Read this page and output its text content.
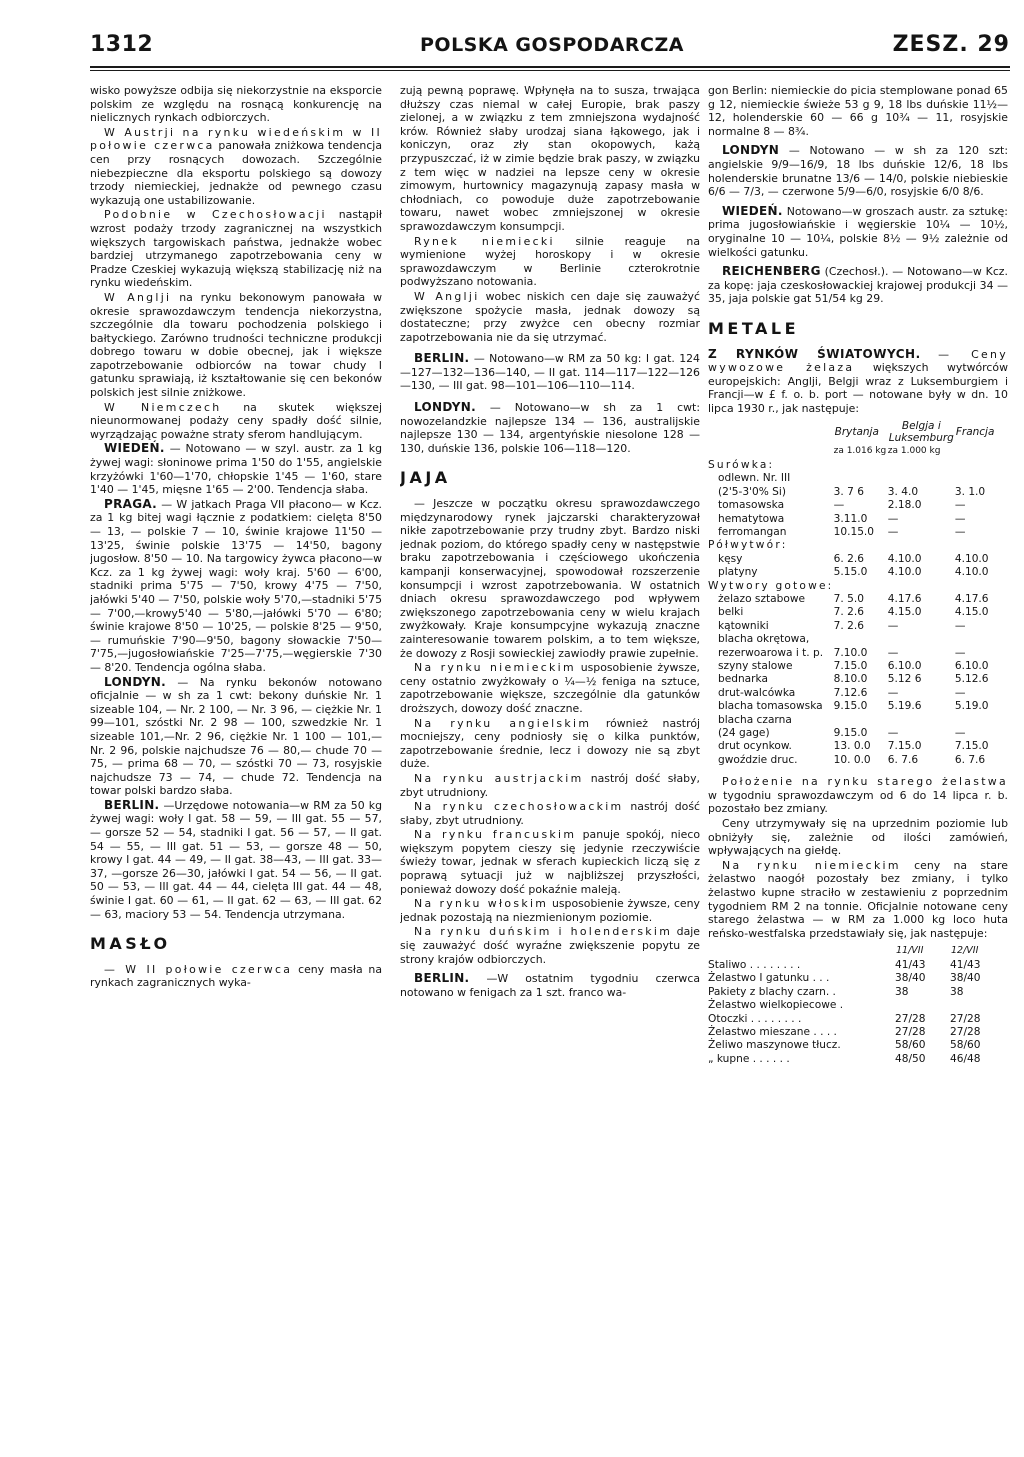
1312	POLSKA GOSPODARCZA	ZESZ. 29

wisko powyższe odbija się niekorzystnie na eksporcie polskim ze względu na rosnącą konkurencję na nielicznych rynkach odbiorczych.

W Austrji na rynku wiedeńskim w II połowie czerwca panowała zniżkowa tendencja cen przy rosnących dowozach. Szczególnie niebezpieczne dla eksportu polskiego są dowozy trzody niemieckiej, jednakże od pewnego czasu wykazują one ustabilizowanie.

Podobnie w Czechosłowacji nastąpił wzrost podaży trzody zagranicznej na wszystkich większych targowiskach państwa, jednakże wobec bardziej utrzymanego zapotrzebowania ceny w Pradze Czeskiej wykazują większą stabilizację niż na rynku wiedeńskim.

W Anglji na rynku bekonowym panowała w okresie sprawozdawczym tendencja niekorzystna, szczególnie dla towaru pochodzenia polskiego i bałtyckiego. Zarówno trudności techniczne produkcji dobrego towaru w dobie obecnej, jak i większe zapotrzebowanie odbiorców na towar chudy I gatunku sprawiają, iż kształtowanie się cen bekonów polskich jest silnie zniżkowe.

W Niemczech na skutek większej nieunormowanej podaży ceny spadły dość silnie, wyrządzając poważne straty sferom handlującym.

WIEDEŃ. — Notowano — w szyl. austr. za 1 kg żywej wagi: słoninowe prima 1'50 do 1'55, angielskie krzyżówki 1'60—1'70, chłopskie 1'45 — 1'60, stare 1'40 — 1'45, mięsne 1'65 — 2'00. Tendencja słaba.

PRAGA. — W jatkach Praga VII płacono— w Kcz. za 1 kg bitej wagi łącznie z podatkiem: cielęta 8'50 — 13, — polskie 7 — 10, świnie krajowe 11'50 — 13'25, świnie polskie 13'75 — 14'50, bagony jugosłow. 8'50 — 10. Na targowicy żywca płacono—w Kcz. za 1 kg żywej wagi: woły kraj. 5'60 — 6'00, stadniki prima 5'75 — 7'50, krowy 4'75 — 7'50, jałówki 5'40 — 7'50, polskie woły 5'70,—stadniki 5'75 — 7'00,—krowy5'40 — 5'80,—jałówki 5'70 — 6'80; świnie krajowe 8'50 — 10'25, — polskie 8'25 — 9'50, — rumuńskie 7'90—9'50, bagony słowackie 7'50—7'75,—jugosłowiańskie 7'25—7'75,—węgierskie 7'30 — 8'20. Tendencja ogólna słaba.

LONDYN. — Na rynku bekonów notowano oficjalnie — w sh za 1 cwt: bekony duńskie Nr. 1 sizeable 104, — Nr. 2 100, — Nr. 3 96, — ciężkie Nr. 1 99—101, szóstki Nr. 2 98 — 100, szwedzkie Nr. 1 sizeable 101,—Nr. 2 96, ciężkie Nr. 1 100 — 101,— Nr. 2 96, polskie najchudsze 76 — 80,— chude 70 — 75, — prima 68 — 70, — szóstki 70 — 73, rosyjskie najchudsze 73 — 74, — chude 72. Tendencja na towar polski bardzo słaba.

BERLIN. —Urzędowe notowania—w RM za 50 kg żywej wagi: woły I gat. 58 — 59, — III gat. 55 — 57, — gorsze 52 — 54, stadniki I gat. 56 — 57, — II gat. 54 — 55, — III gat. 51 — 53, — gorsze 48 — 50, krowy I gat. 44 — 49, — II gat. 38—43, — III gat. 33—37, —gorsze 26—30, jałówki I gat. 54 — 56, — II gat. 50 — 53, — III gat. 44 — 44, cielęta III gat. 44 — 48, świnie I gat. 60 — 61, — II gat. 62 — 63, — III gat. 62 — 63, maciory 53 — 54. Tendencja utrzymana.

MASŁO

— W II połowie czerwca ceny masła na rynkach zagranicznych wyka-

zują pewną poprawę. Wpłynęła na to susza, trwająca dłuższy czas niemal w całej Europie, brak paszy zielonej, a w związku z tem zmniejszona wydajność krów. Również słaby urodzaj siana łąkowego, jak i koniczyn, oraz zły stan okopowych, każą przypuszczać, iż w zimie będzie brak paszy, w związku z tem więc w nadziei na lepsze ceny w okresie zimowym, hurtownicy magazynują zapasy masła w chłodniach, co powoduje duże zapotrzebowanie towaru, nawet wobec zmniejszonej w okresie sprawozdawczym konsumpcji.

Rynek niemiecki silnie reaguje na wymienione wyżej horoskopy i w okresie sprawozdawczym w Berlinie czterokrotnie podwyższano notowania.

W Anglji wobec niskich cen daje się zauważyć zwiększone spożycie masła, jednak dowozy są dostateczne; przy zwyżce cen obecny rozmiar zapotrzebowania nie da się utrzymać.

BERLIN. — Notowano—w RM za 50 kg: I gat. 124—127—132—136—140, — II gat. 114—117—122—126—130, — III gat. 98—101—106—110—114.

LONDYN. — Notowano—w sh za 1 cwt: nowozelandzkie najlepsze 134 — 136, australijskie najlepsze 130 — 134, argentyńskie niesolone 128 — 130, duńskie 136, polskie 106—118—120.

JAJA

— Jeszcze w początku okresu sprawozdawczego międzynarodowy rynek jajczarski charakteryzował nikłe zapotrzebowanie przy trudny zbyt. Bardzo niski jednak poziom, do którego spadły ceny w następstwie braku zapotrzebowania i częściowego ukończenia kampanji konserwacyjnej, spowodował rozszerzenie konsumpcji i wzrost zapotrzebowania. W ostatnich dniach okresu sprawozdawczego pod wpływem zwiększonego zapotrzebowania ceny w wielu krajach zwyżkowały. Kraje konsumpcyjne wykazują znaczne zainteresowanie towarem polskim, a to tem większe, że dowozy z Rosji sowieckiej zawiodły prawie zupełnie.

Na rynku niemieckim usposobienie żywsze, ceny ostatnio zwyżkowały o ¼—½ feniga na sztuce, zapotrzebowanie większe, szczególnie dla gatunków droższych, dowozy dość znaczne.

Na rynku angielskim również nastrój mocniejszy, ceny podniosły się o kilka punktów, zapotrzebowanie średnie, lecz i dowozy nie są zbyt duże.

Na rynku austrjackim nastrój dość słaby, zbyt utrudniony.

Na rynku czechosłowackim nastrój dość słaby, zbyt utrudniony.

Na rynku francuskim panuje spokój, nieco większym popytem cieszy się jedynie rzeczywiście świeży towar, jednak w sferach kupieckich liczą się z poprawą sytuacji już w najbliższej przyszłości, ponieważ dowozy dość pokaźnie maleją.

Na rynku włoskim usposobienie żywsze, ceny jednak pozostają na niezmienionym poziomie.

Na rynku duńskim i holenderskim daje się zauważyć dość wyraźne zwiększenie popytu ze strony krajów odbiorczych.

BERLIN. —W ostatnim tygodniu czerwca notowano w fenigach za 1 szt. franco wa-

gon Berlin: niemieckie do picia stemplowane ponad 65 g 12, niemieckie świeże 53 g 9, 18 lbs duńskie 11½—12, holenderskie 60 — 66 g 10¾ — 11, rosyjskie normalne 8 — 8¾.

LONDYN — Notowano — w sh za 120 szt: angielskie 9/9—16/9, 18 lbs duńskie 12/6, 18 lbs holenderskie brunatne 13/6 — 14/0, polskie niebieskie 6/6 — 7/3, — czerwone 5/9—6/0, rosyjskie 6/0 8/6.

WIEDEŃ. Notowano—w groszach austr. za sztukę: prima jugosłowiańskie i węgierskie 10¼ — 10½, oryginalne 10 — 10¼, polskie 8½ — 9½ zależnie od wielkości gatunku.

REICHENBERG (Czechosł.). — Notowano—w Kcz. za kopę: jaja czeskosłowackiej krajowej produkcji 34 — 35, jaja polskie gat 51/54 kg 29.

METALE

Z RYNKÓW ŚWIATOWYCH. — Ceny wywozowe żelaza większych wytwórców europejskich: Anglji, Belgji wraz z Luksemburgiem i Francji—w £ f. o. b. port — notowane były w dn. 10 lipca 1930 r., jak następuje:

	Brytanja	Belgja i Luksemburg	Francja
	za 1.016 kg	za 1.000 kg	
Surówka:			
odlewn. Nr. III			
(2'5-3'0% Si)	3. 7 6	3. 4.0	3. 1.0
tomasowska	—	2.18.0	—
hematytowa	3.11.0	—	—
ferromangan	10.15.0	—	—
Półwytwór:			
kęsy	6. 2.6	4.10.0	4.10.0
platyny	5.15.0	4.10.0	4.10.0
Wytwory gotowe:			
żelazo sztabowe	7. 5.0	4.17.6	4.17.6
belki	7. 2.6	4.15.0	4.15.0
kątowniki	7. 2.6	—	—
blacha okrętowa,			
rezerwoarowa i t. p.	7.10.0	—	—
szyny stalowe	7.15.0	6.10.0	6.10.0
bednarka	8.10.0	5.12 6	5.12.6
drut-walcówka	7.12.6	—	—
blacha tomasowska	9.15.0	5.19.6	5.19.0
blacha czarna			
(24 gage)	9.15.0	—	—
drut ocynkow.	13. 0.0	7.15.0	7.15.0
gwoździe druc.	10. 0.0	6. 7.6	6. 7.6

Położenie na rynku starego żelastwa w tygodniu sprawozdawczym od 6 do 14 lipca r. b. pozostało bez zmiany.

Ceny utrzymywały się na uprzednim poziomie lub obniżyły się, zależnie od ilości zamówień, wpływających na giełdę.

Na rynku niemieckim ceny na stare żelastwo naogół pozostały bez zmiany, i tylko żelastwo kupne straciło w zestawieniu z poprzednim tygodniem RM 2 na tonnie. Oficjalnie notowane ceny starego żelastwa — w RM za 1.000 kg loco huta reńsko-westfalska przedstawiały się, jak następuje:

	11/VII	12/VII
Staliwo . . . . . . . .	41/43	41/43
Żelastwo I gatunku . . .	38/40	38/40
Pakiety z blachy czarn. .	38	38
Żelastwo wielkopiecowe .		
Otoczki . . . . . . . .	27/28	27/28
Żelastwo mieszane . . . .	27/28	27/28
Żeliwo maszynowe tłucz.	58/60	58/60
„ kupne . . . . . .	48/50	46/48
